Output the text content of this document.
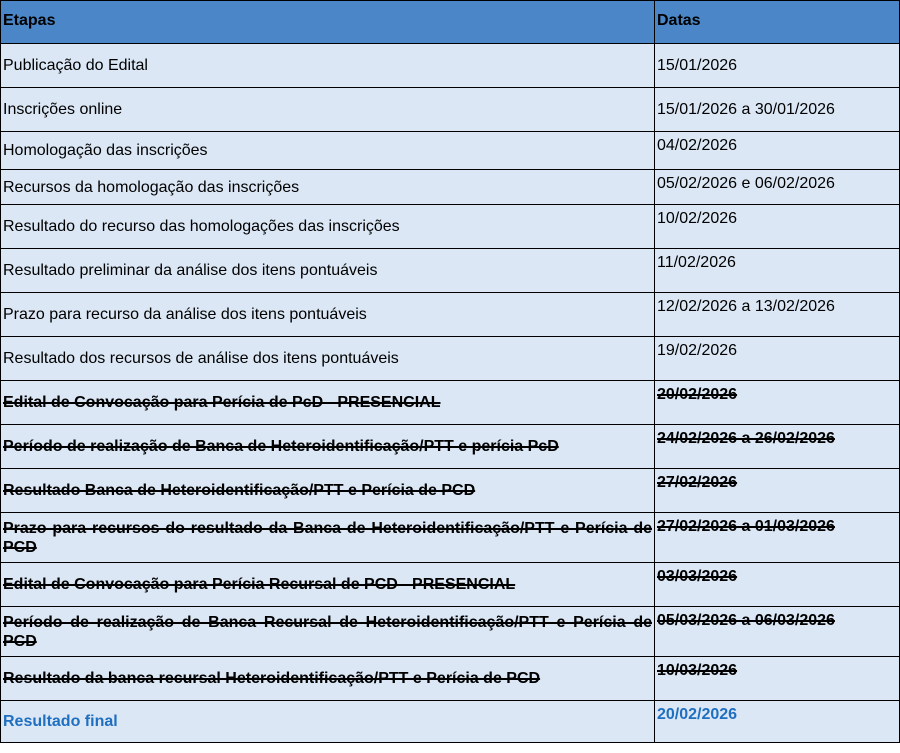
Etapas	Datas
Publicação do Edital	15/01/2026
Inscrições online	15/01/2026 a 30/01/2026
Homologação das inscrições	04/02/2026
Recursos da homologação das inscrições	05/02/2026 e 06/02/2026
Resultado do recurso das homologações das inscrições	10/02/2026
Resultado preliminar da análise dos itens pontuáveis	11/02/2026
Prazo para recurso da análise dos itens pontuáveis	12/02/2026 a 13/02/2026
Resultado dos recursos de análise dos itens pontuáveis	19/02/2026
Edital de Convocação para Perícia de PcD - PRESENCIAL	20/02/2026
Período de realização de Banca de Heteroidentificação/PTT e perícia PcD	24/02/2026 a 26/02/2026
Resultado Banca de Heteroidentificação/PTT e Perícia de PCD	27/02/2026
Prazo para recursos do resultado da Banca de Heteroidentificação/PTT e Perícia de PCD	27/02/2026 a 01/03/2026
Edital de Convocação para Perícia Recursal de PCD - PRESENCIAL	03/03/2026
Período de realização de Banca Recursal de Heteroidentificação/PTT e Perícia de PCD	05/03/2026 a 06/03/2026
Resultado da banca recursal Heteroidentificação/PTT e Perícia de PCD	10/03/2026
Resultado final	20/02/2026
